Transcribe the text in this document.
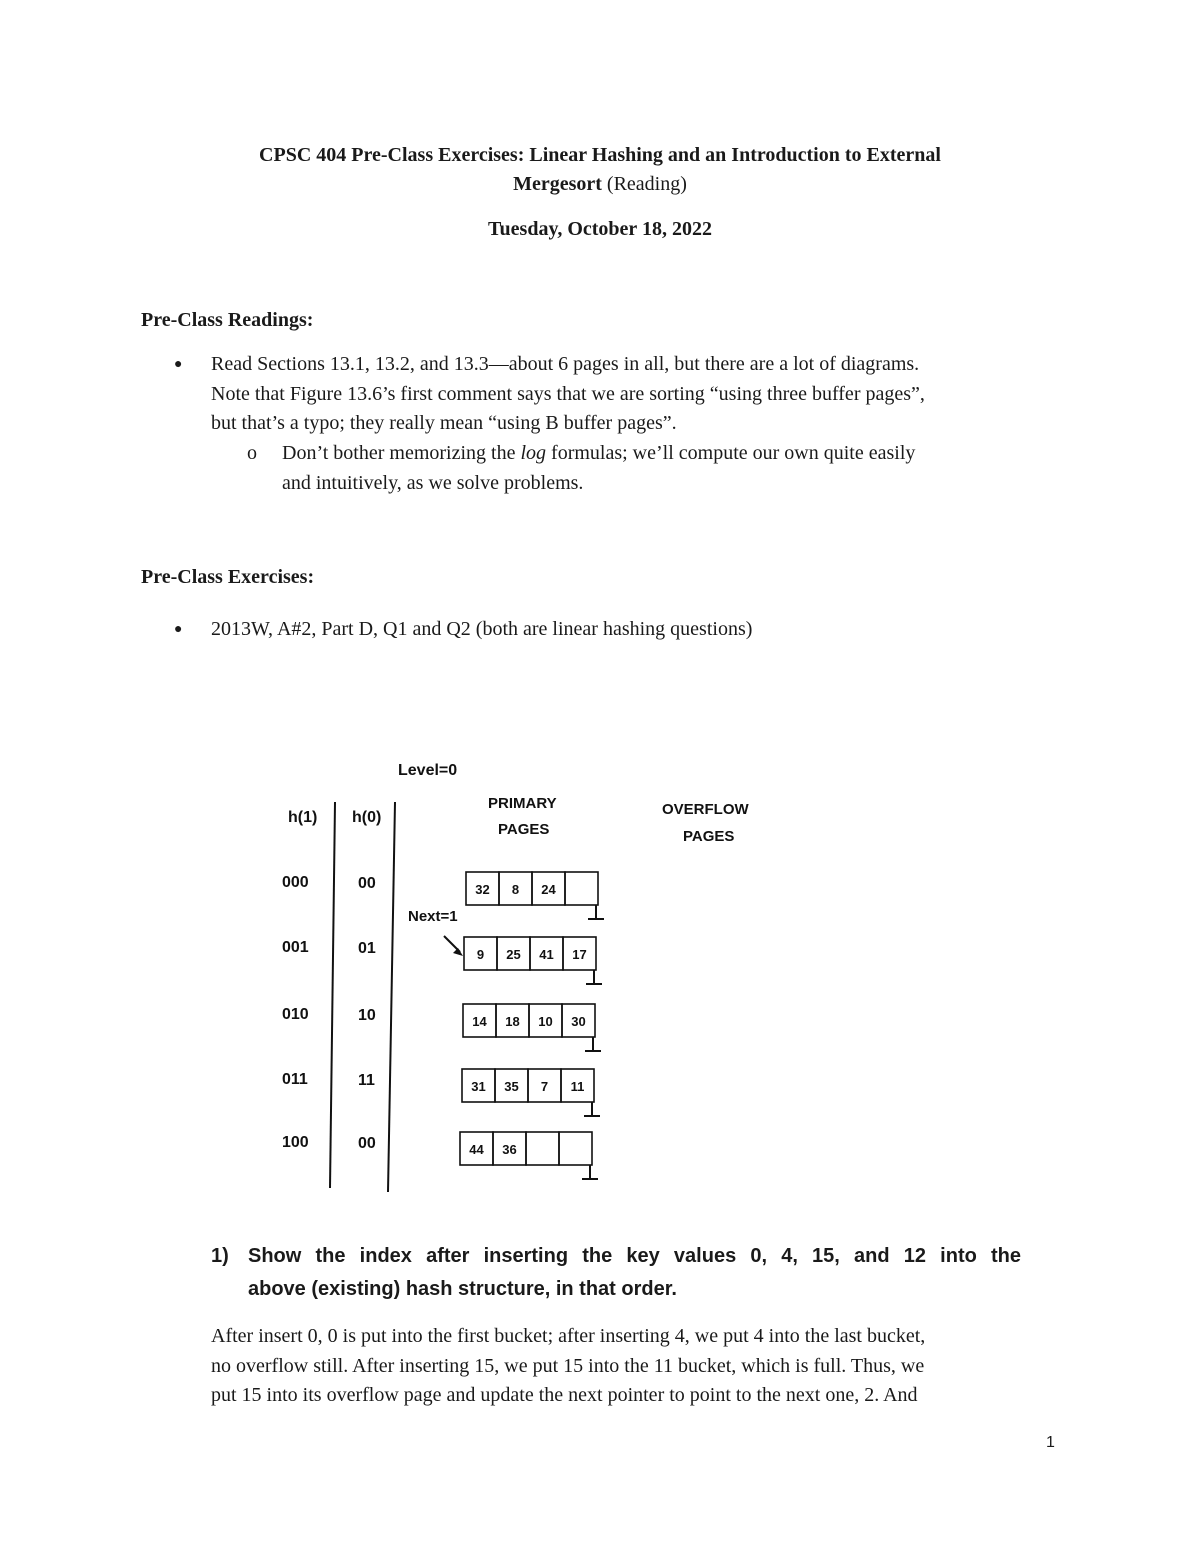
CPSC 404 Pre-Class Exercises: Linear Hashing and an Introduction to External
Mergesort (Reading)
Tuesday, October 18, 2022
Pre-Class Readings:
● Read Sections 13.1, 13.2, and 13.3—about 6 pages in all, but there are a lot of diagrams.
Note that Figure 13.6’s first comment says that we are sorting “using three buffer pages”,
but that’s a typo; they really mean “using B buffer pages”.
o Don’t bother memorizing the log formulas; we’ll compute our own quite easily
and intuitively, as we solve problems.
Pre-Class Exercises:
● 2013W, A#2, Part D, Q1 and Q2 (both are linear hashing questions)
Level=0
h(1) h(0)
PRIMARY
PAGES
OVERFLOW
PAGES
Next=1
000	00	32 8 24
001	01	9 25 41 17
010	10	14 18 10 30
011	11	31 35 7 11
100	00	44 36
1) Show the index after inserting the key values 0, 4, 15, and 12 into the
above (existing) hash structure, in that order.
After insert 0, 0 is put into the first bucket; after inserting 4, we put 4 into the last bucket,
no overflow still. After inserting 15, we put 15 into the 11 bucket, which is full. Thus, we
put 15 into its overflow page and update the next pointer to point to the next one, 2. And
1
